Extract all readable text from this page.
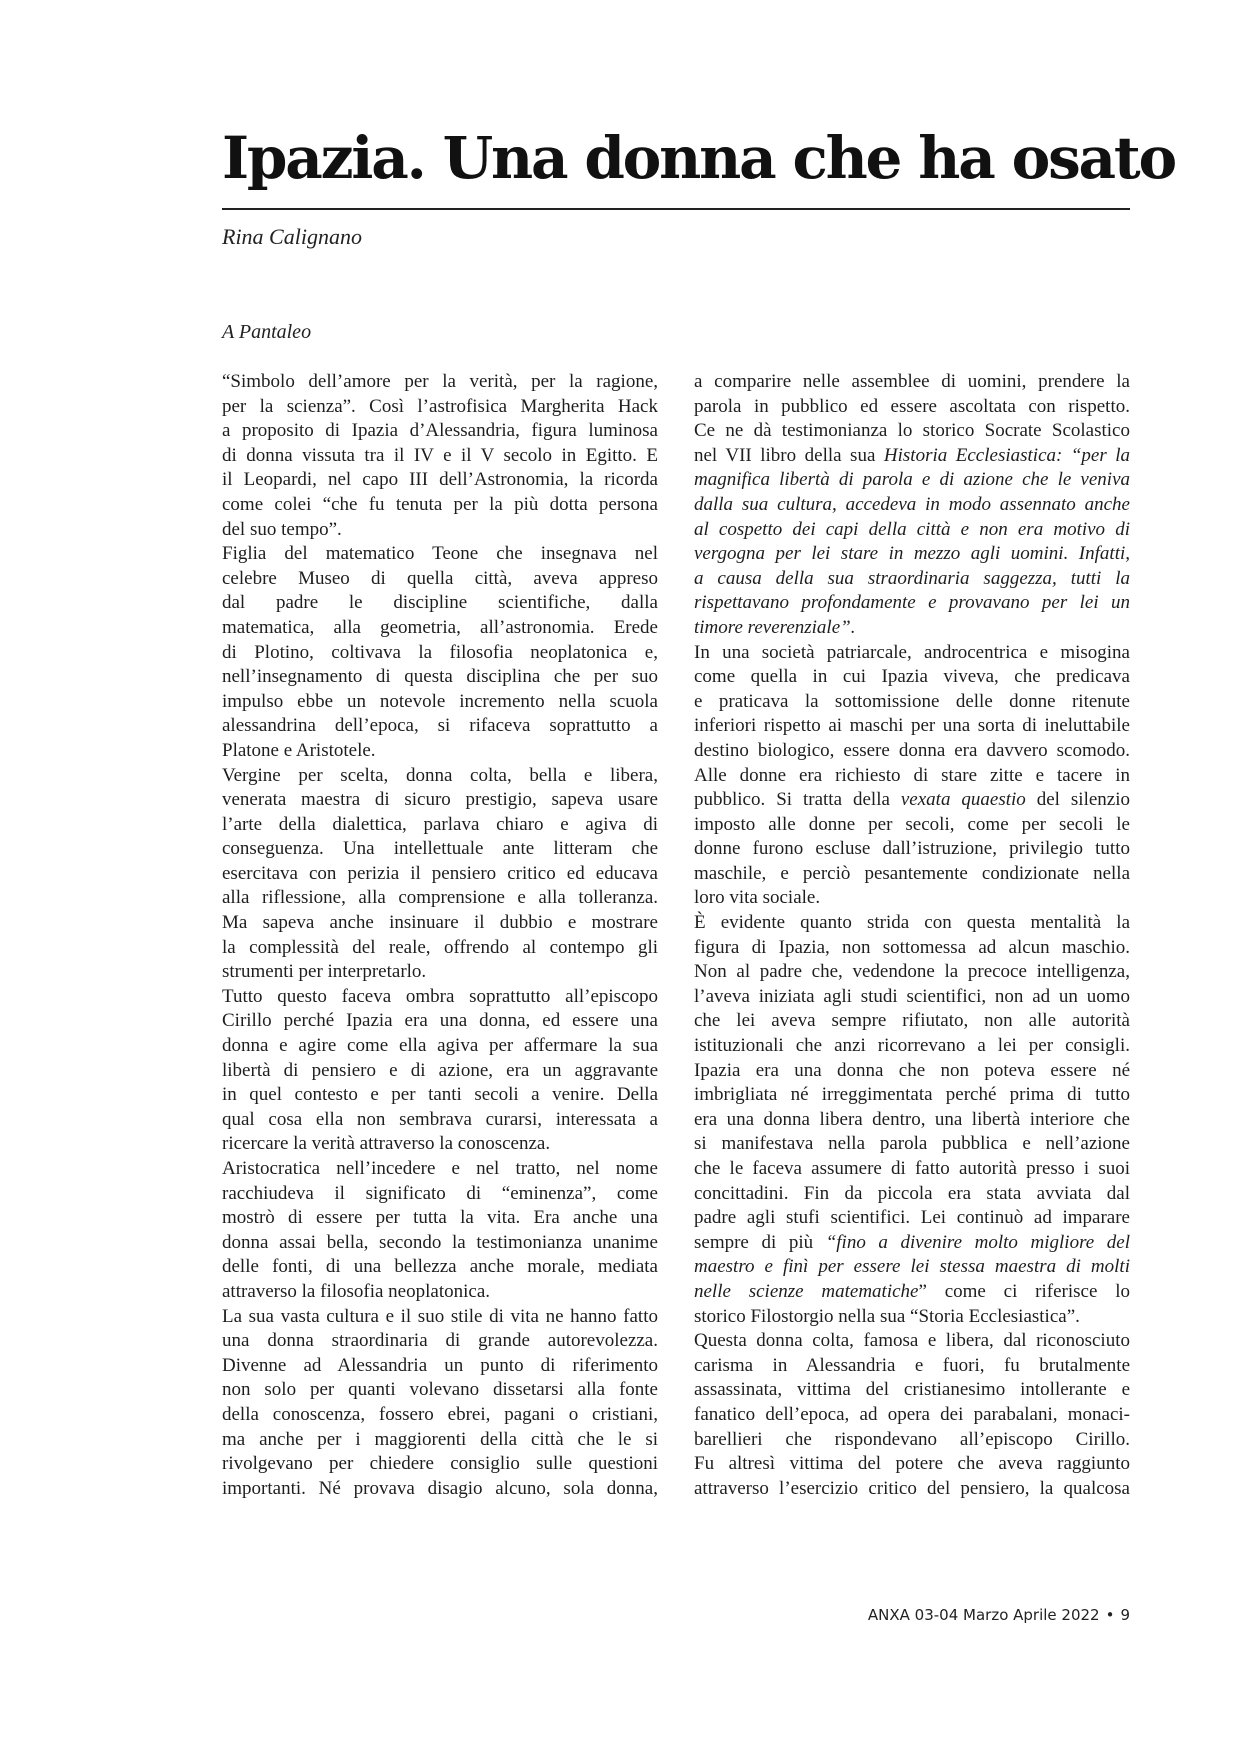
Ipazia. Una donna che ha osato
Rina Calignano
A Pantaleo

“Simbolo dell’amore per la verità, per la ragione,
per la scienza”. Così l’astrofisica Margherita Hack
a proposito di Ipazia d’Alessandria, figura luminosa
di donna vissuta tra il IV e il V secolo in Egitto. E
il Leopardi, nel capo III dell’Astronomia, la ricorda
come colei “che fu tenuta per la più dotta persona
del suo tempo”.

Figlia del matematico Teone che insegnava nel
celebre Museo di quella città, aveva appreso
dal padre le discipline scientifiche, dalla
matematica, alla geometria, all’astronomia. Erede
di Plotino, coltivava la filosofia neoplatonica e,
nell’insegnamento di questa disciplina che per suo
impulso ebbe un notevole incremento nella scuola
alessandrina dell’epoca, si rifaceva soprattutto a
Platone e Aristotele.

Vergine per scelta, donna colta, bella e libera,
venerata maestra di sicuro prestigio, sapeva usare
l’arte della dialettica, parlava chiaro e agiva di
conseguenza. Una intellettuale ante litteram che
esercitava con perizia il pensiero critico ed educava
alla riflessione, alla comprensione e alla tolleranza.
Ma sapeva anche insinuare il dubbio e mostrare
la complessità del reale, offrendo al contempo gli
strumenti per interpretarlo.

Tutto questo faceva ombra soprattutto all’episcopo
Cirillo perché Ipazia era una donna, ed essere una
donna e agire come ella agiva per affermare la sua
libertà di pensiero e di azione, era un aggravante
in quel contesto e per tanti secoli a venire. Della
qual cosa ella non sembrava curarsi, interessata a
ricercare la verità attraverso la conoscenza.

Aristocratica nell’incedere e nel tratto, nel nome
racchiudeva il significato di “eminenza”, come
mostrò di essere per tutta la vita. Era anche una
donna assai bella, secondo la testimonianza unanime
delle fonti, di una bellezza anche morale, mediata
attraverso la filosofia neoplatonica.

La sua vasta cultura e il suo stile di vita ne hanno fatto
una donna straordinaria di grande autorevolezza.
Divenne ad Alessandria un punto di riferimento
non solo per quanti volevano dissetarsi alla fonte
della conoscenza, fossero ebrei, pagani o cristiani,
ma anche per i maggiorenti della città che le si
rivolgevano per chiedere consiglio sulle questioni
importanti. Né provava disagio alcuno, sola donna,

a comparire nelle assemblee di uomini, prendere la
parola in pubblico ed essere ascoltata con rispetto.
Ce ne dà testimonianza lo storico Socrate Scolastico
nel VII libro della sua Historia Ecclesiastica: “per la
magnifica libertà di parola e di azione che le veniva
dalla sua cultura, accedeva in modo assennato anche
al cospetto dei capi della città e non era motivo di
vergogna per lei stare in mezzo agli uomini. Infatti,
a causa della sua straordinaria saggezza, tutti la
rispettavano profondamente e provavano per lei un
timore reverenziale”.

In una società patriarcale, androcentrica e misogina
come quella in cui Ipazia viveva, che predicava
e praticava la sottomissione delle donne ritenute
inferiori rispetto ai maschi per una sorta di ineluttabile
destino biologico, essere donna era davvero scomodo.
Alle donne era richiesto di stare zitte e tacere in
pubblico. Si tratta della vexata quaestio del silenzio
imposto alle donne per secoli, come per secoli le
donne furono escluse dall’istruzione, privilegio tutto
maschile, e perciò pesantemente condizionate nella
loro vita sociale.

È evidente quanto strida con questa mentalità la
figura di Ipazia, non sottomessa ad alcun maschio.
Non al padre che, vedendone la precoce intelligenza,
l’aveva iniziata agli studi scientifici, non ad un uomo
che lei aveva sempre rifiutato, non alle autorità
istituzionali che anzi ricorrevano a lei per consigli.
Ipazia era una donna che non poteva essere né
imbrigliata né irreggimentata perché prima di tutto
era una donna libera dentro, una libertà interiore che
si manifestava nella parola pubblica e nell’azione
che le faceva assumere di fatto autorità presso i suoi
concittadini. Fin da piccola era stata avviata dal
padre agli stufi scientifici. Lei continuò ad imparare
sempre di più “fino a divenire molto migliore del
maestro e finì per essere lei stessa maestra di molti
nelle scienze matematiche” come ci riferisce lo
storico Filostorgio nella sua “Storia Ecclesiastica”.

Questa donna colta, famosa e libera, dal riconosciuto
carisma in Alessandria e fuori, fu brutalmente
assassinata, vittima del cristianesimo intollerante e
fanatico dell’epoca, ad opera dei parabalani, monaci-
barellieri che rispondevano all’episcopo Cirillo.
Fu altresì vittima del potere che aveva raggiunto
attraverso l’esercizio critico del pensiero, la qualcosa

ANXA 03-04 Marzo Aprile 2022 • 9
